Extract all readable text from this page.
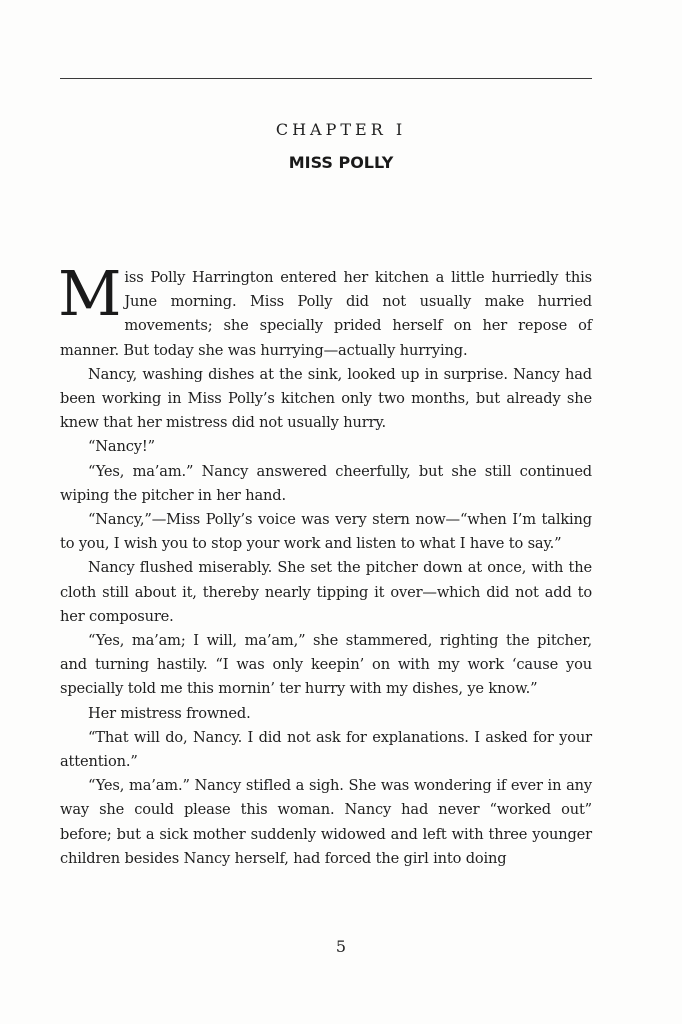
CHAPTER I
MISS POLLY

Miss Polly Harrington entered her kitchen a little hurriedly this June morning. Miss Polly did not usually make hurried movements; she specially prided herself on her repose of manner. But today she was hurrying—actually hurrying.

Nancy, washing dishes at the sink, looked up in surprise. Nancy had been working in Miss Polly’s kitchen only two months, but already she knew that her mistress did not usually hurry.

“Nancy!”

“Yes, ma’am.” Nancy answered cheerfully, but she still continued wiping the pitcher in her hand.

“Nancy,”—Miss Polly’s voice was very stern now—“when I’m talking to you, I wish you to stop your work and listen to what I have to say.”

Nancy flushed miserably. She set the pitcher down at once, with the cloth still about it, thereby nearly tipping it over—which did not add to her composure.

“Yes, ma’am; I will, ma’am,” she stammered, righting the pitcher, and turning hastily. “I was only keepin’ on with my work ‘cause you specially told me this mornin’ ter hurry with my dishes, ye know.”

Her mistress frowned.

“That will do, Nancy. I did not ask for explanations. I asked for your attention.”

“Yes, ma’am.” Nancy stifled a sigh. She was wondering if ever in any way she could please this woman. Nancy had never “worked out” before; but a sick mother suddenly widowed and left with three younger children besides Nancy herself, had forced the girl into doing

5
